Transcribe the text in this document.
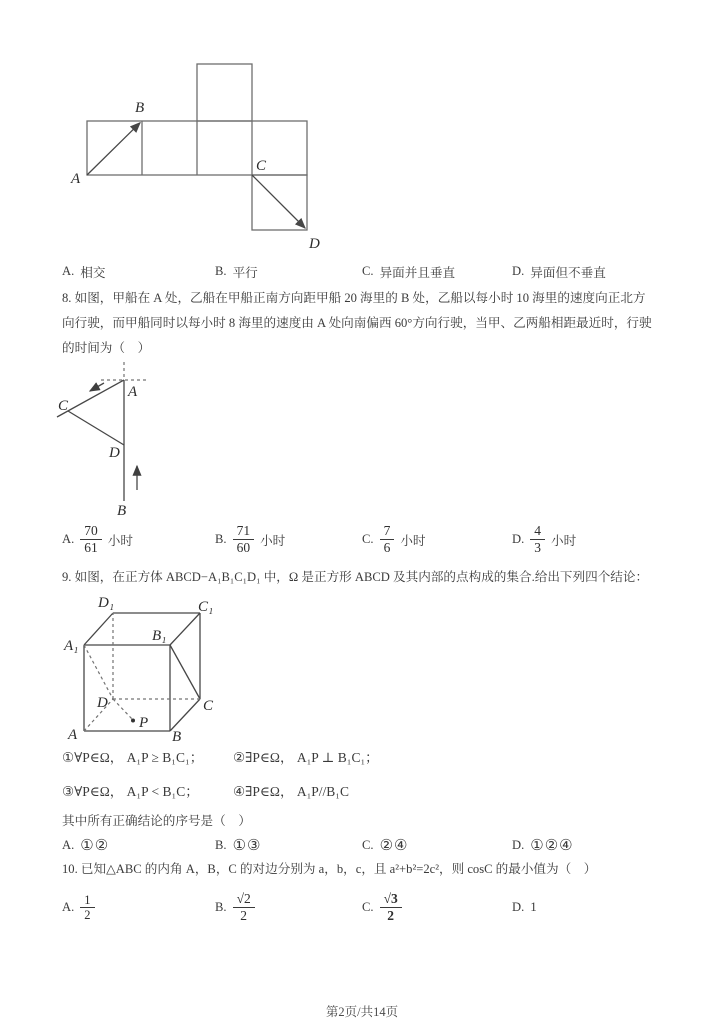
A
B
C
D
A. 相交	B. 平行	C. 异面并且垂直	D. 异面但不垂直
8. 如图，甲船在 A 处，乙船在甲船正南方向距甲船 20 海里的 B 处，乙船以每小时 10 海里的速度向正北方
向行驶，而甲船同时以每小时 8 海里的速度由 A 处向南偏西 60°方向行驶，当甲、乙两船相距最近时，行驶
的时间为（　）
A
C
D
B
A. $\frac{70}{61}$ 小时	B. $\frac{71}{60}$ 小时	C. $\frac{7}{6}$ 小时	D. $\frac{4}{3}$ 小时
9. 如图，在正方体 ABCD−A₁B₁C₁D₁ 中，Ω 是正方形 ABCD 及其内部的点构成的集合.给出下列四个结论：
A₁
B₁
C₁
D₁
A	B
C
D
P
①∀P∈Ω， A₁P ≥ B₁C₁； ②∃P∈Ω， A₁P ⊥ B₁C₁；
③∀P∈Ω， A₁P < B₁C；	④∃P∈Ω， A₁P//B₁C
其中所有正确结论的序号是（　）
A. ①②	B. ①③	C. ②④	D. ①②④
10. 已知△ABC 的内角 A，B，C 的对边分别为 a，b，c，且 a²+b²=2c²，则 cosC 的最小值为（　）
A. $\frac{1}{2}$	B. $\frac{√2}{2}$	C. $\frac{√3}{2}$	D. 1
第2页/共14页
